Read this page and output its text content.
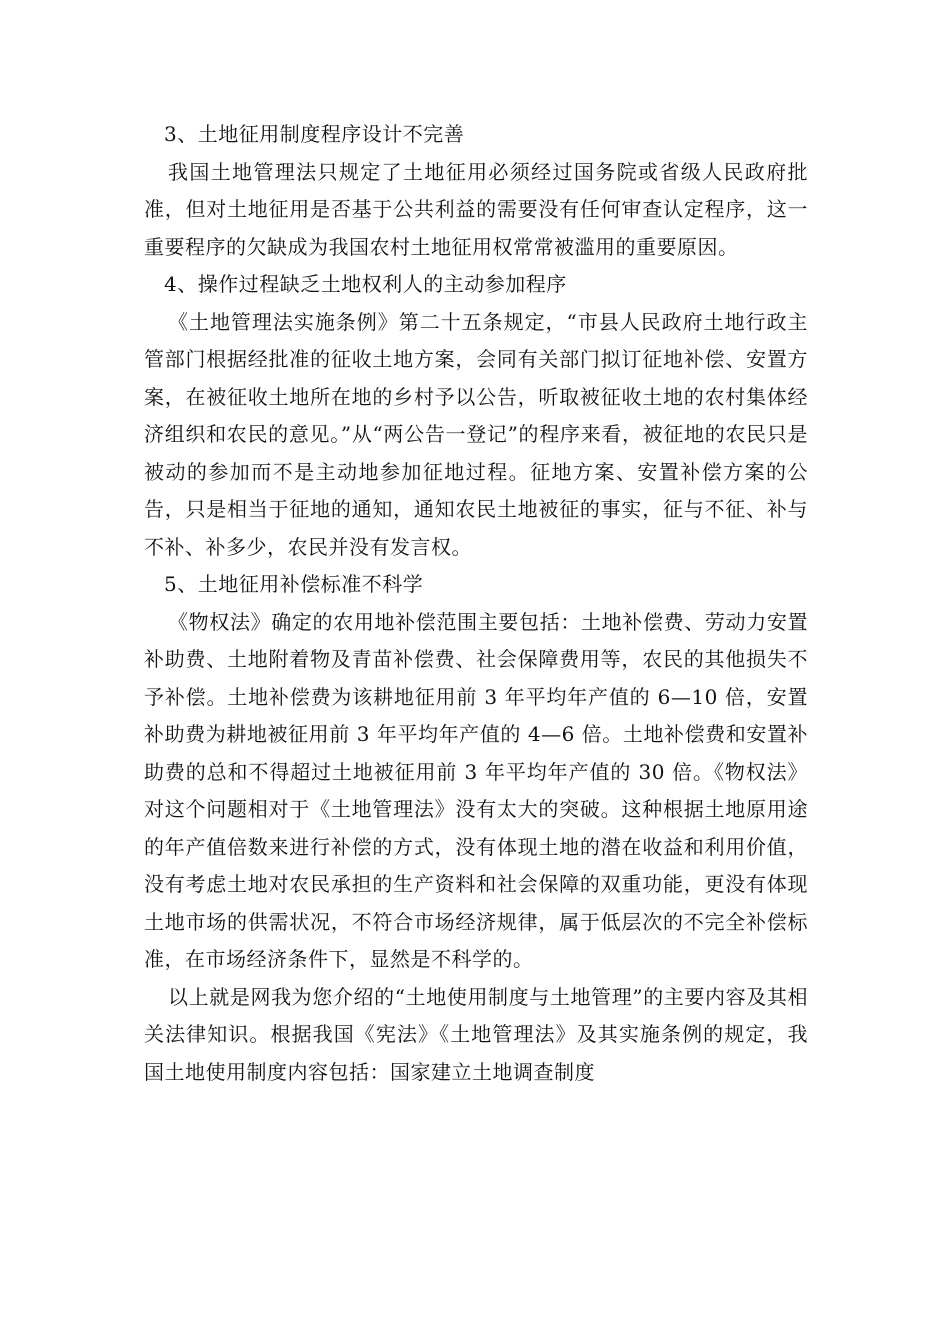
3、土地征用制度程序设计不完善

我国土地管理法只规定了土地征用必须经过国务院或省级人民政府批准，但对土地征用是否基于公共利益的需要没有任何审查认定程序，这一重要程序的欠缺成为我国农村土地征用权常常被滥用的重要原因。

4、操作过程缺乏土地权利人的主动参加程序

《土地管理法实施条例》第二十五条规定，“市县人民政府土地行政主管部门根据经批准的征收土地方案，会同有关部门拟订征地补偿、安置方案，在被征收土地所在地的乡村予以公告，听取被征收土地的农村集体经济组织和农民的意见。”从“两公告一登记”的程序来看，被征地的农民只是被动的参加而不是主动地参加征地过程。征地方案、安置补偿方案的公告，只是相当于征地的通知，通知农民土地被征的事实，征与不征、补与不补、补多少，农民并没有发言权。

5、土地征用补偿标准不科学

《物权法》确定的农用地补偿范围主要包括：土地补偿费、劳动力安置补助费、土地附着物及青苗补偿费、社会保障费用等，农民的其他损失不予补偿。土地补偿费为该耕地征用前 3 年平均年产值的 6—10 倍，安置补助费为耕地被征用前 3 年平均年产值的 4—6 倍。土地补偿费和安置补助费的总和不得超过土地被征用前 3 年平均年产值的 30 倍。《物权法》对这个问题相对于《土地管理法》没有太大的突破。这种根据土地原用途的年产值倍数来进行补偿的方式，没有体现土地的潜在收益和利用价值，没有考虑土地对农民承担的生产资料和社会保障的双重功能，更没有体现土地市场的供需状况，不符合市场经济规律，属于低层次的不完全补偿标准，在市场经济条件下，显然是不科学的。

以上就是网我为您介绍的“土地使用制度与土地管理”的主要内容及其相关法律知识。根据我国《宪法》《土地管理法》及其实施条例的规定，我国土地使用制度内容包括：国家建立土地调查制度
